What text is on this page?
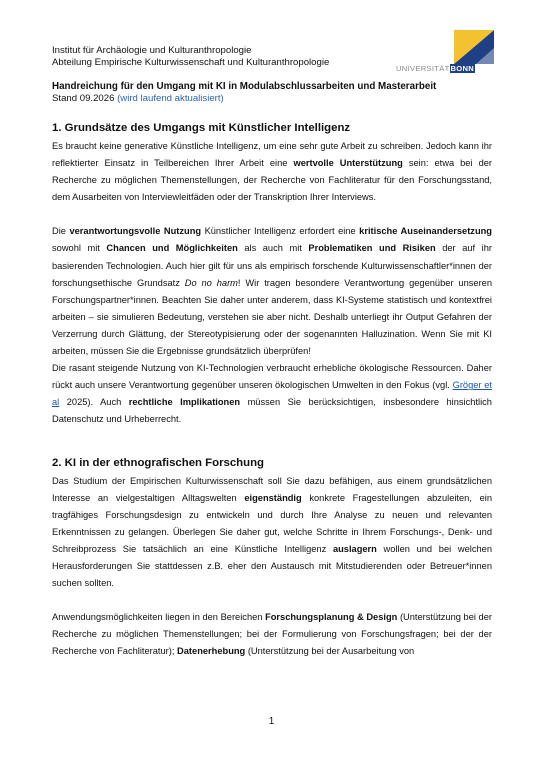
Institut für Archäologie und Kulturanthropologie
Abteilung Empirische Kulturwissenschaft und Kulturanthropologie
UNIVERSITÄTBONN
Handreichung für den Umgang mit KI in Modulabschlussarbeiten und Masterarbeit
Stand 09.2026 (wird laufend aktualisiert)
1. Grundsätze des Umgangs mit Künstlicher Intelligenz

Es braucht keine generative Künstliche Intelligenz, um eine sehr gute Arbeit zu schreiben. Jedoch kann ihr reflektierter Einsatz in Teilbereichen Ihrer Arbeit eine wertvolle Unterstützung sein: etwa bei der Recherche zu möglichen Themenstellungen, der Recherche von Fachliteratur für den Forschungsstand, dem Ausarbeiten von Interviewleitfäden oder der Transkription Ihrer Interviews.

Die verantwortungsvolle Nutzung Künstlicher Intelligenz erfordert eine kritische Auseinandersetzung sowohl mit Chancen und Möglichkeiten als auch mit Problematiken und Risiken der auf ihr basierenden Technologien. Auch hier gilt für uns als empirisch forschende Kulturwissenschaftler*innen der forschungsethische Grundsatz Do no harm! Wir tragen besondere Verantwortung gegenüber unseren Forschungspartner*innen. Beachten Sie daher unter anderem, dass KI-Systeme statistisch und kontextfrei arbeiten – sie simulieren Bedeutung, verstehen sie aber nicht. Deshalb unterliegt ihr Output Gefahren der Verzerrung durch Glättung, der Stereotypisierung oder der sogenannten Halluzination. Wenn Sie mit KI arbeiten, müssen Sie die Ergebnisse grundsätzlich überprüfen!

Die rasant steigende Nutzung von KI-Technologien verbraucht erhebliche ökologische Ressourcen. Daher rückt auch unsere Verantwortung gegenüber unseren ökologischen Umwelten in den Fokus (vgl. Gröger et al 2025). Auch rechtliche Implikationen müssen Sie berücksichtigen, insbesondere hinsichtlich Datenschutz und Urheberrecht.

2. KI in der ethnografischen Forschung

Das Studium der Empirischen Kulturwissenschaft soll Sie dazu befähigen, aus einem grundsätzlichen Interesse an vielgestaltigen Alltagswelten eigenständig konkrete Fragestellungen abzuleiten, ein tragfähiges Forschungsdesign zu entwickeln und durch Ihre Analyse zu neuen und relevanten Erkenntnissen zu gelangen. Überlegen Sie daher gut, welche Schritte in Ihrem Forschungs-, Denk- und Schreibprozess Sie tatsächlich an eine Künstliche Intelligenz auslagern wollen und bei welchen Herausforderungen Sie stattdessen z.B. eher den Austausch mit Mitstudierenden oder Betreuer*innen suchen sollten.

Anwendungsmöglichkeiten liegen in den Bereichen Forschungsplanung & Design (Unterstützung bei der Recherche zu möglichen Themenstellungen; bei der Formulierung von Forschungsfragen; bei der der Recherche von Fachliteratur); Datenerhebung (Unterstützung bei der Ausarbeitung von

1
